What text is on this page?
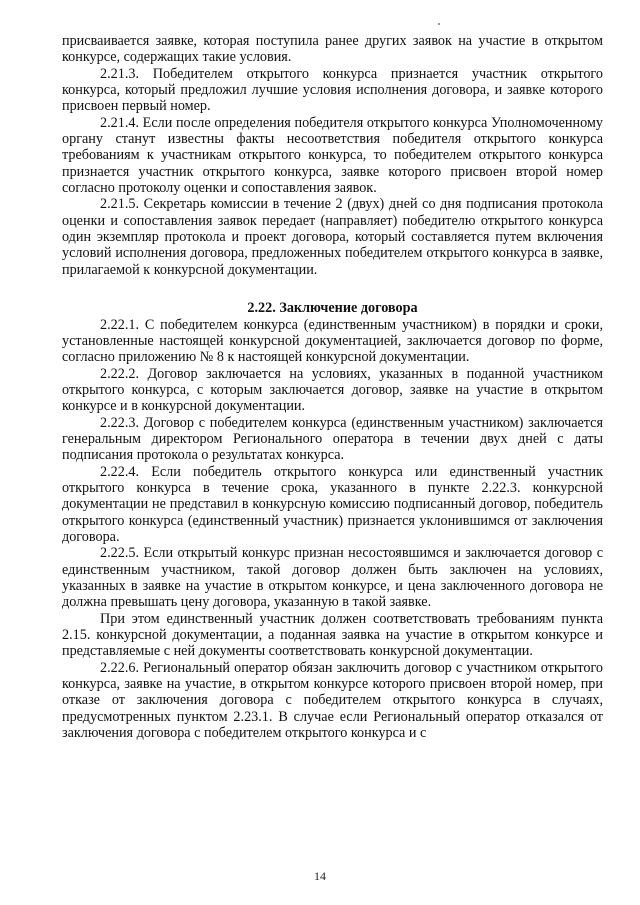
присваивается заявке, которая поступила ранее других заявок на участие в открытом конкурсе, содержащих такие условия.

2.21.3. Победителем открытого конкурса признается участник открытого конкурса, который предложил лучшие условия исполнения договора, и заявке которого присвоен первый номер.

2.21.4. Если после определения победителя открытого конкурса Уполномоченному органу станут известны факты несоответствия победителя открытого конкурса требованиям к участникам открытого конкурса, то победителем открытого конкурса признается участник открытого конкурса, заявке которого присвоен второй номер согласно протоколу оценки и сопоставления заявок.

2.21.5. Секретарь комиссии в течение 2 (двух) дней со дня подписания протокола оценки и сопоставления заявок передает (направляет) победителю открытого конкурса один экземпляр протокола и проект договора, который составляется путем включения условий исполнения договора, предложенных победителем открытого конкурса в заявке, прилагаемой к конкурсной документации.

2.22. Заключение договора

2.22.1. С победителем конкурса (единственным участником) в порядки и сроки, установленные настоящей конкурсной документацией, заключается договор по форме, согласно приложению № 8 к настоящей конкурсной документации.

2.22.2. Договор заключается на условиях, указанных в поданной участником открытого конкурса, с которым заключается договор, заявке на участие в открытом конкурсе и в конкурсной документации.

2.22.3. Договор с победителем конкурса (единственным участником) заключается генеральным директором Регионального оператора в течении двух дней с даты подписания протокола о результатах конкурса.

2.22.4. Если победитель открытого конкурса или единственный участник открытого конкурса в течение срока, указанного в пункте 2.22.3. конкурсной документации не представил в конкурсную комиссию подписанный договор, победитель открытого конкурса (единственный участник) признается уклонившимся от заключения договора.

2.22.5. Если открытый конкурс признан несостоявшимся и заключается договор с единственным участником, такой договор должен быть заключен на условиях, указанных в заявке на участие в открытом конкурсе, и цена заключенного договора не должна превышать цену договора, указанную в такой заявке.

При этом единственный участник должен соответствовать требованиям пункта 2.15. конкурсной документации, а поданная заявка на участие в открытом конкурсе и представляемые с ней документы соответствовать конкурсной документации.

2.22.6. Региональный оператор обязан заключить договор с участником открытого конкурса, заявке на участие, в открытом конкурсе которого присвоен второй номер, при отказе от заключения договора с победителем открытого конкурса в случаях, предусмотренных пунктом 2.23.1. В случае если Региональный оператор отказался от заключения договора с победителем открытого конкурса и с

14
